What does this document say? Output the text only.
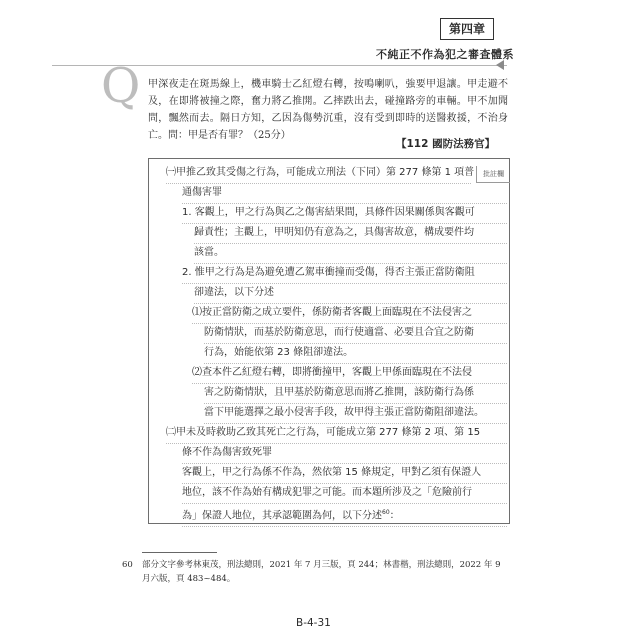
第四章
不純正不作為犯之審查體系
Q 甲深夜走在斑馬線上，機車騎士乙紅燈右轉，按鳴喇叭，強要甲退讓。甲走避不及，在即將被撞之際，奮力將乙推開。乙摔跌出去，碰撞路旁的車輛。甲不加聞問，飄然而去。隔日方知，乙因為傷勢沉重，沒有受到即時的送醫救援，不治身亡。問：甲是否有罪？（25分）
【112 國防法務官】
批註欄
㈠甲推乙致其受傷之行為，可能成立刑法（下同）第 277 條第 1 項普
通傷害罪
1. 客觀上，甲之行為與乙之傷害結果間，具條件因果關係與客觀可
歸責性；主觀上，甲明知仍有意為之，具傷害故意，構成要件均
該當。
2. 惟甲之行為是為避免遭乙駕車衝撞而受傷，得否主張正當防衛阻
卻違法，以下分述
⑴按正當防衛之成立要件，係防衛者客觀上面臨現在不法侵害之
防衛情狀，而基於防衛意思，而行使適當、必要且合宜之防衛
行為，始能依第 23 條阻卻違法。
⑵查本件乙紅燈右轉，即將衝撞甲，客觀上甲係面臨現在不法侵
害之防衛情狀，且甲基於防衛意思而將乙推開，該防衛行為係
當下甲能選擇之最小侵害手段，故甲得主張正當防衛阻卻違法。
㈡甲未及時救助乙致其死亡之行為，可能成立第 277 條第 2 項、第 15
條不作為傷害致死罪
客觀上，甲之行為係不作為，然依第 15 條規定，甲對乙須有保證人
地位，該不作為始有構成犯罪之可能。而本題所涉及之「危險前行
為」保證人地位，其承認範圍為何，以下分述$^{60}$：
60 部分文字參考林東茂，刑法總則，2021 年 7 月三版，頁 244；林書楷，刑法總則，2022 年 9 月六版，頁 483~484。
B-4-31
